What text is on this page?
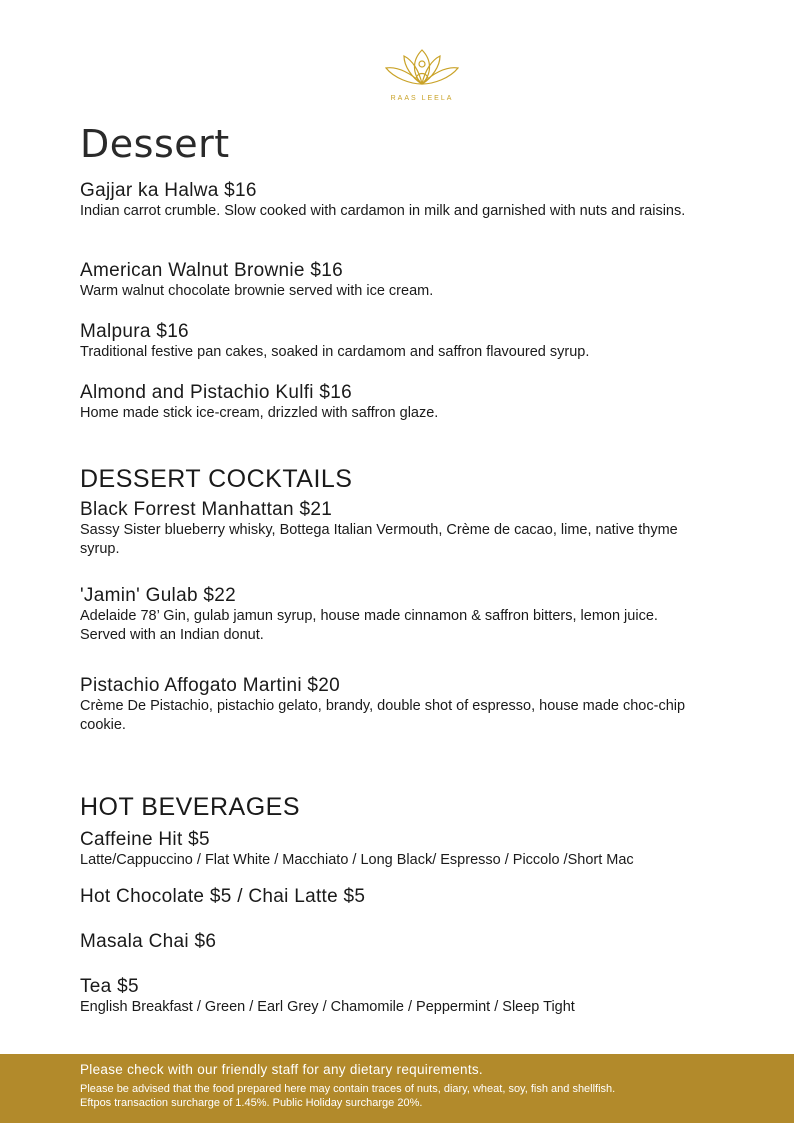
RAAS LEELA
Dessert
Gajjar ka Halwa $16
Indian carrot crumble. Slow cooked with cardamon in milk and garnished with nuts and raisins.
American Walnut Brownie $16
Warm walnut chocolate brownie served with ice cream.
Malpura $16
Traditional festive pan cakes, soaked in cardamom and saffron flavoured syrup.
Almond and Pistachio Kulfi $16
Home made stick ice-cream, drizzled with saffron glaze.
DESSERT COCKTAILS
Black Forrest Manhattan $21
Sassy Sister blueberry whisky, Bottega Italian Vermouth, Crème de cacao, lime, native thyme syrup.
'Jamin' Gulab $22
Adelaide 78’ Gin, gulab jamun syrup, house made cinnamon & saffron bitters, lemon juice. Served with an Indian donut.
Pistachio Affogato Martini $20
Crème De Pistachio, pistachio gelato, brandy, double shot of espresso, house made choc-chip cookie.
HOT BEVERAGES
Caffeine Hit $5
Latte/Cappuccino / Flat White / Macchiato / Long Black/ Espresso / Piccolo /Short Mac
Hot Chocolate $5 / Chai Latte $5
Masala Chai $6
Tea $5
English Breakfast / Green / Earl Grey / Chamomile / Peppermint / Sleep Tight
Please check with our friendly staff for any dietary requirements.
Please be advised that the food prepared here may contain traces of nuts, diary, wheat, soy, fish and shellfish.
Eftpos transaction surcharge of 1.45%. Public Holiday surcharge 20%.
